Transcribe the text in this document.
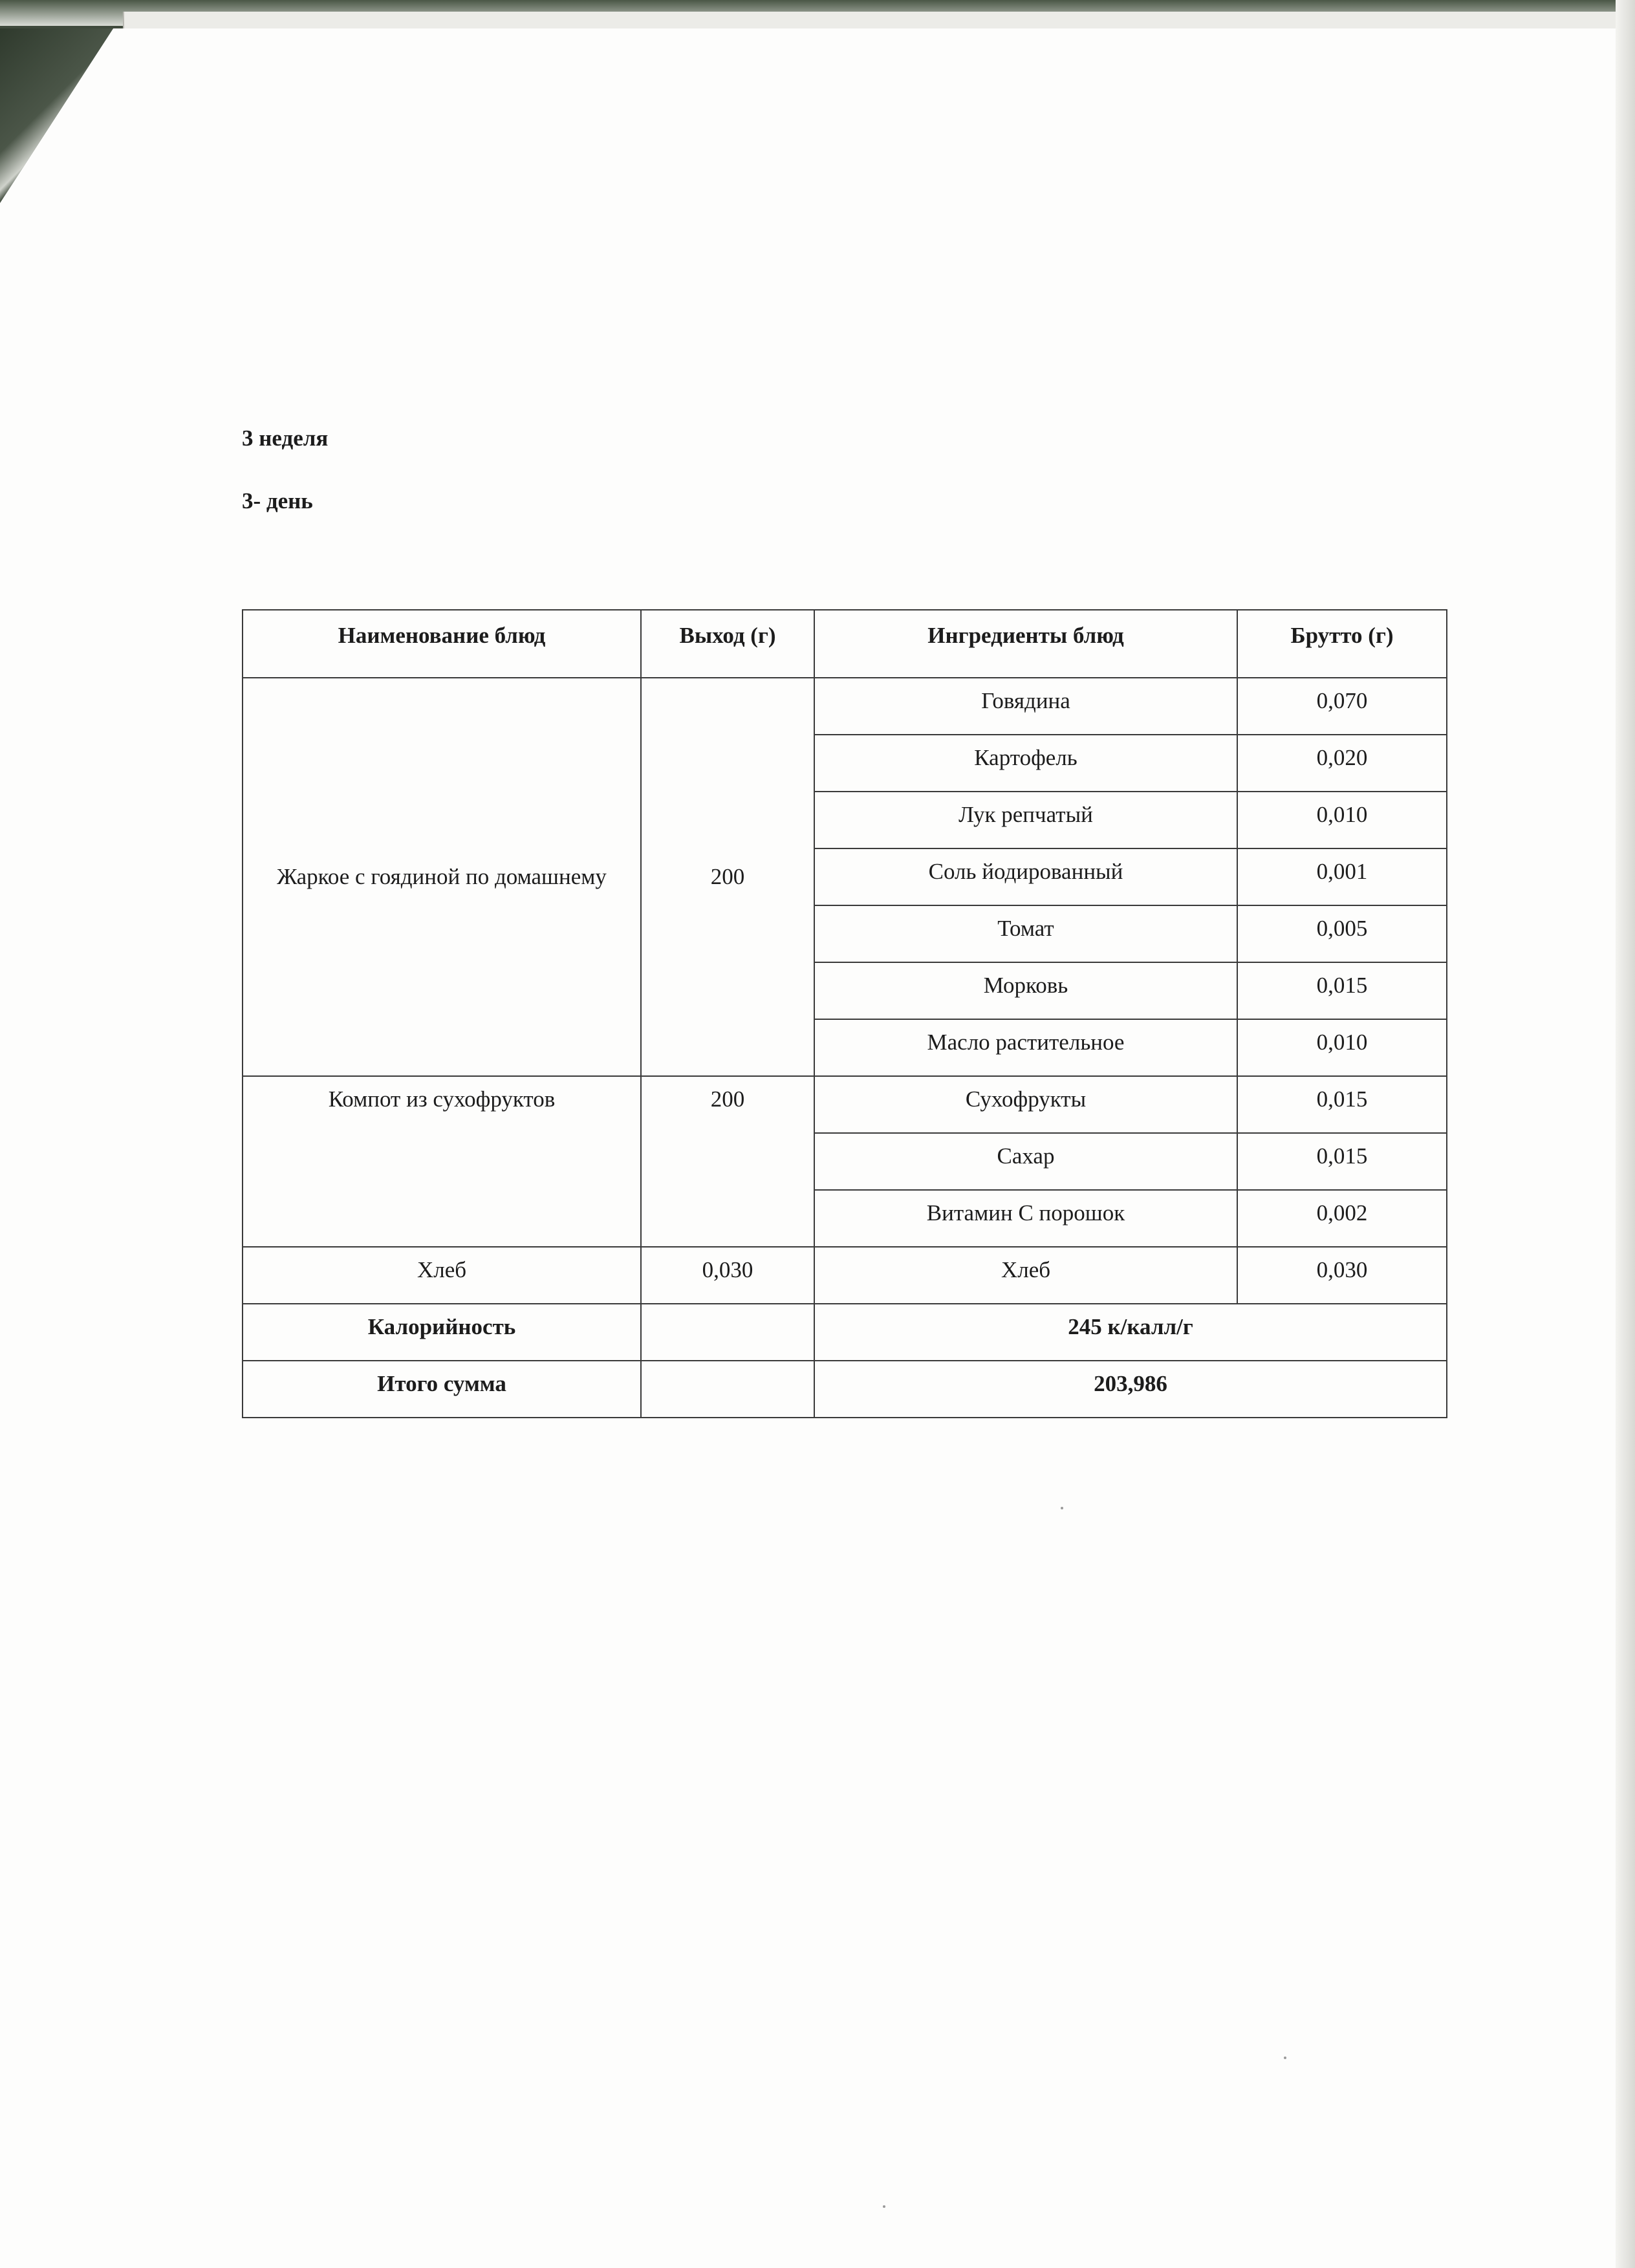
3 неделя

3- день

Наименование блюд	Выход (г)	Ингредиенты блюд	Брутто (г)
Жаркое с гоядиной по домашнему	200	Говядина	0,070
		Картофель	0,020
		Лук репчатый	0,010
		Соль йодированный	0,001
		Томат	0,005
		Морковь	0,015
		Масло растительное	0,010
Компот из сухофруктов	200	Сухофрукты	0,015
		Сахар	0,015
		Витамин С порошок	0,002
Хлеб	0,030	Хлеб	0,030
Калорийность		245 к/калл/г	
Итого сумма		203,986	
